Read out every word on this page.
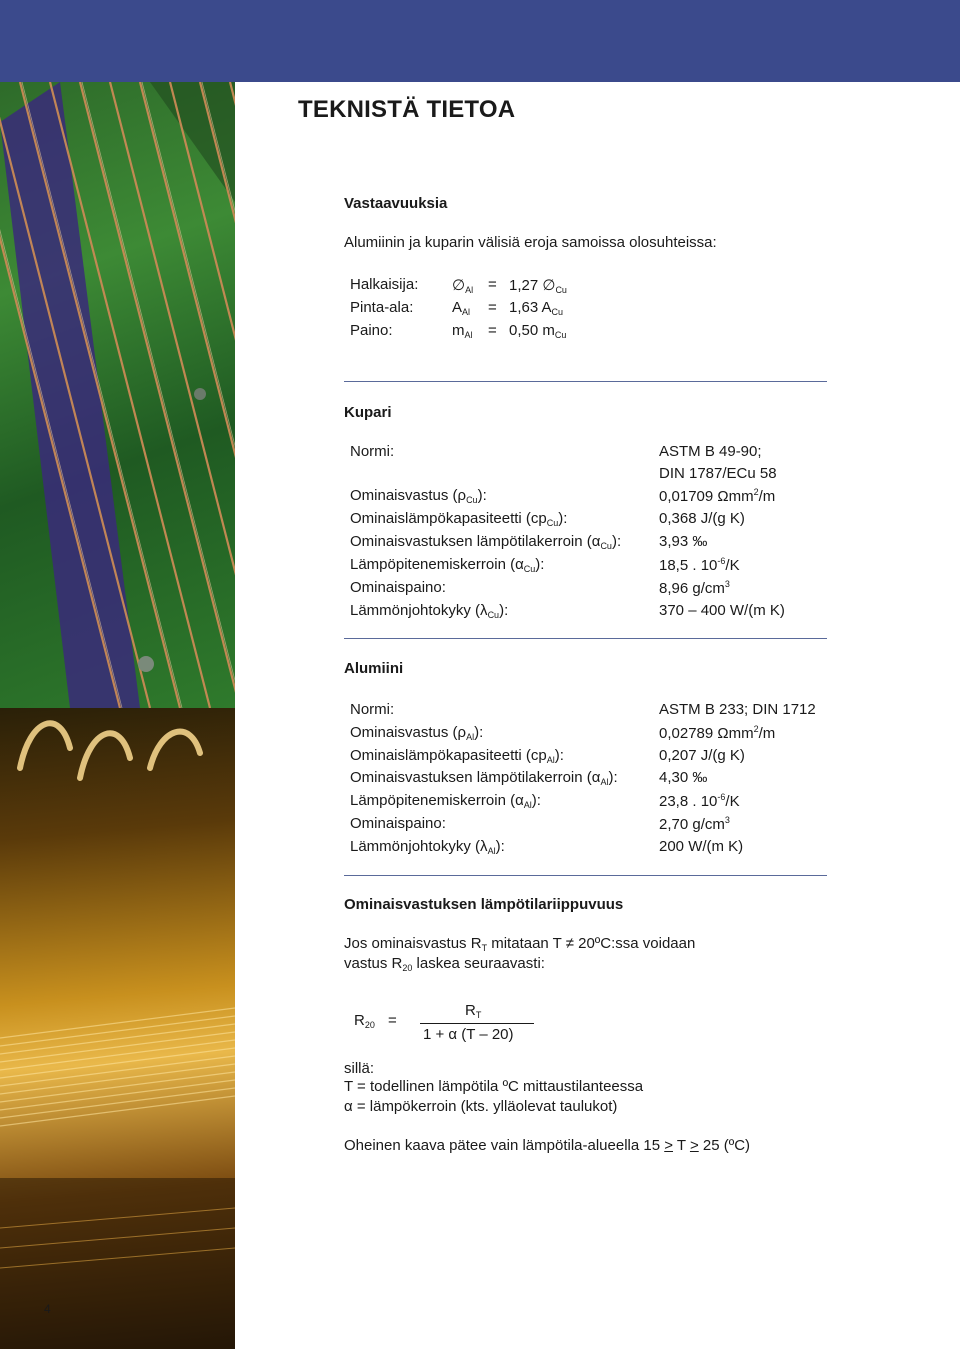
TEKNISTÄ TIETOA
Vastaavuuksia
Alumiinin ja kuparin välisiä eroja samoissa olosuhteissa:
Halkaisija: $\emptyset_{Al} = 1,27$ $\emptyset_{Cu}$
Pinta-ala:	$A_{Al} = 1,63$ $A_{Cu}$
Paino:	$m_{Al} = 0,50$ $m_{Cu}$
Kupari
Normi:	ASTM B 49-90;
DIN 1787/ECu 58
Ominaisvastus $(\rho_{Cu})$:	0,01709 Ωmm$^2$/m
Ominaislämpökapasiteetti $(cp_{Cu})$:	0,368 J/(g K)
Ominaisvastuksen lämpötilakerroin $(\alpha_{Cu})$:	3,93 ‰
Lämpöpitenemiskerroin $(\alpha_{Cu})$:	18,5 . $10^{-6}/K$
Ominaispaino:	8,96 $g/cm^3$
Lämmönjohtokyky $(\lambda_{Cu})$:	370 – 400 W/(m K)
Alumiini
Normi:	ASTM B 233; DIN 1712
Ominaisvastus $(\rho_{Al})$:	0,02789 Ωmm$^2$/m
Ominaislämpökapasiteetti $(cp_{Al})$:	0,207 J/(g K)
Ominaisvastuksen lämpötilakerroin $(\alpha_{Al})$:	4,30 ‰
Lämpöpitenemiskerroin $(\alpha_{Al})$:	23,8 . $10^{-6}/K$
Ominaispaino:	2,70 $g/cm^3$
Lämmönjohtokyky $(\lambda_{Al})$:	200 W/(m K)
Ominaisvastuksen lämpötilariippuvuus
Jos ominaisvastus $R_T$ mitataan T ≠ 20ºC:ssa voidaan
vastus $R_{20}$ laskea seuraavasti:
$R_{20}$ =
$R_T$
1 + α (T – 20)
sillä:
T = todellinen lämpötila ºC mittaustilanteessa
α = lämpökerroin (kts. ylläolevat taulukot)
Oheinen kaava pätee vain lämpötila-alueella 15 > T > 25 (ºC)
4
